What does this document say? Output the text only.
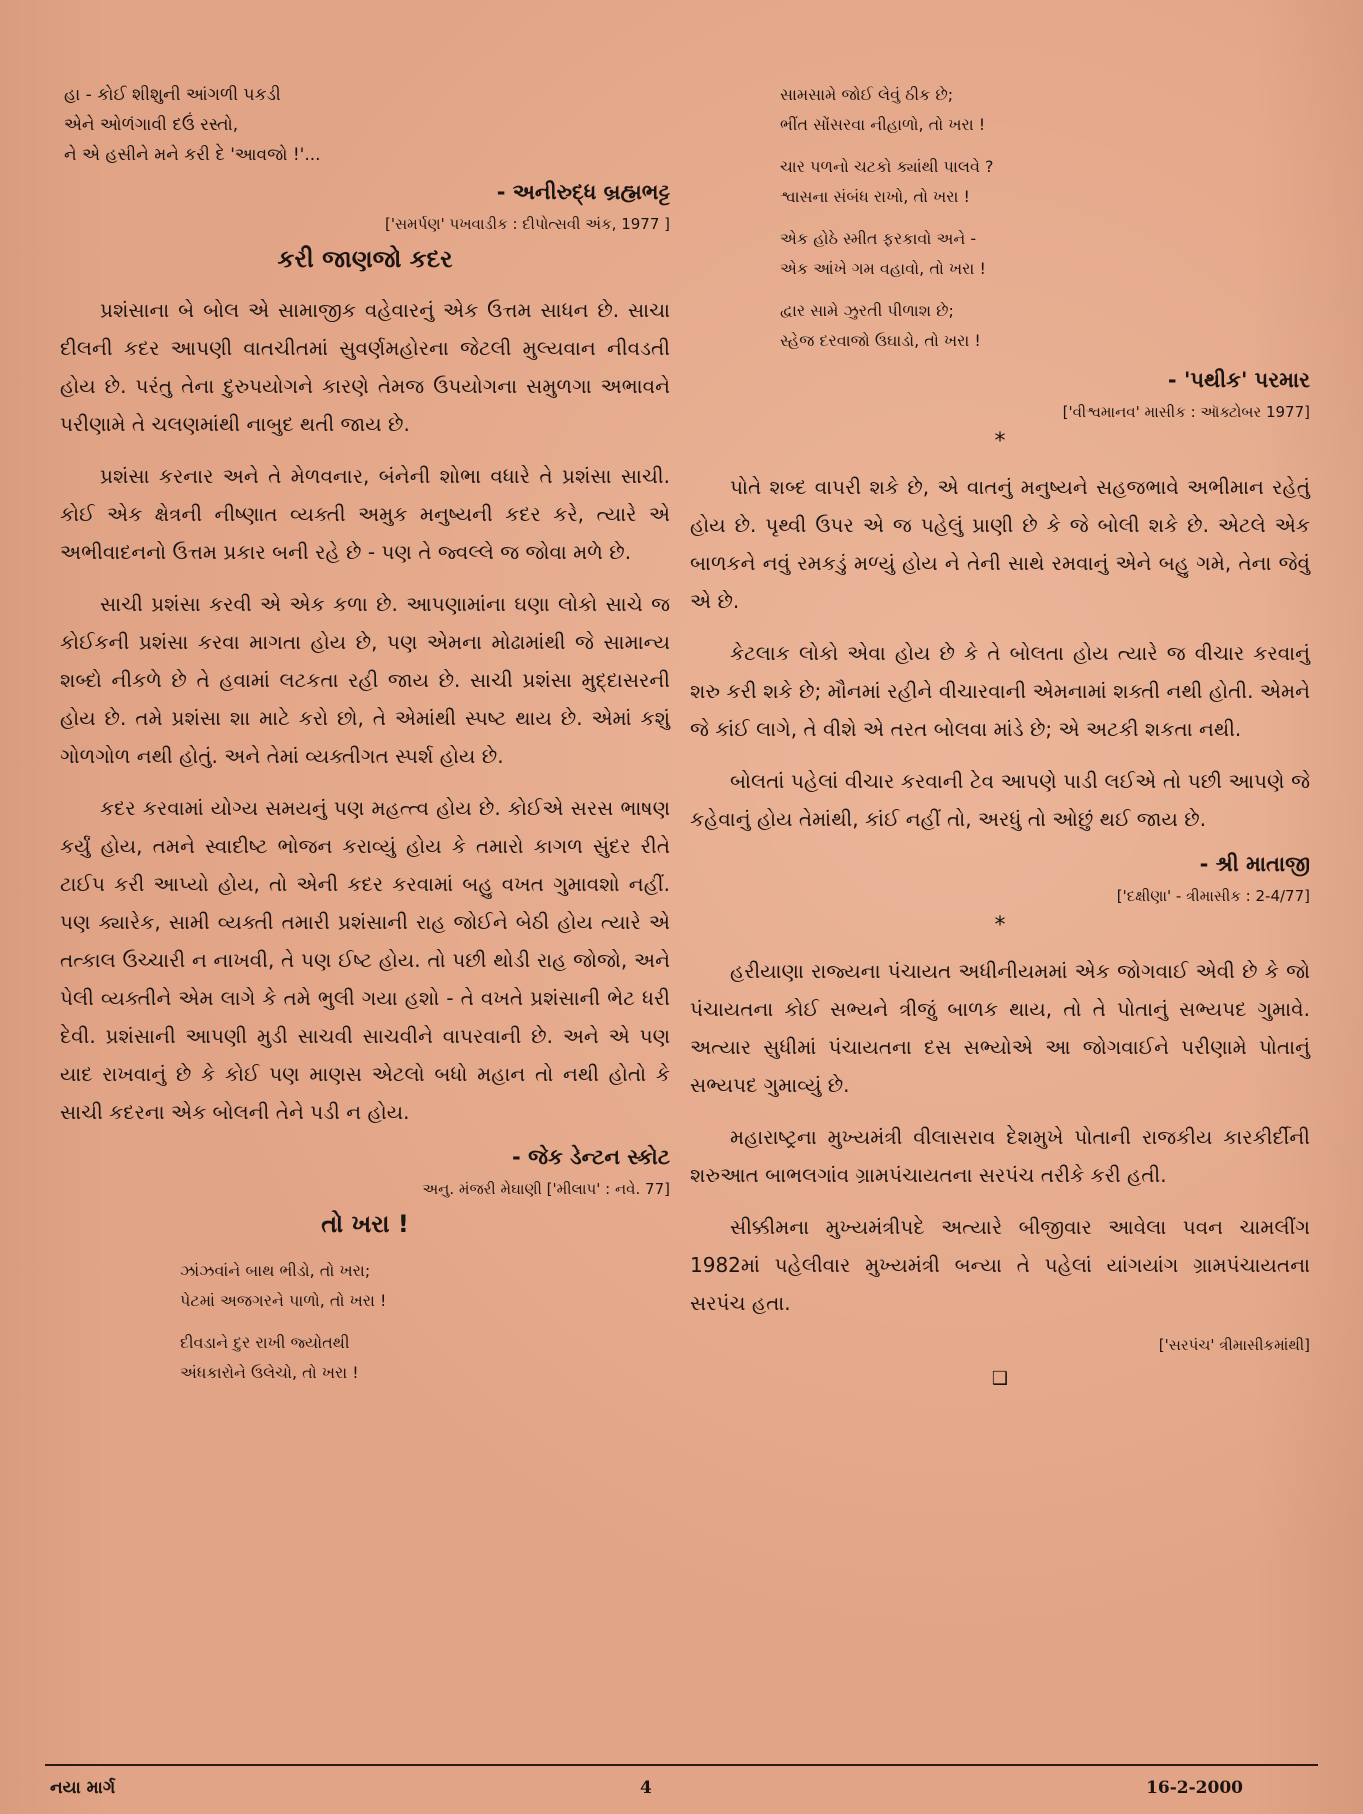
હા - કોઈ શીશુની આંગળી પકડી
એને ઓળંગાવી દઉં રસ્તો,
ને એ હસીને મને કરી દે 'આવજો !'...
- અનીરુદ્ધ બ્રહ્મભટ્ટ
['સમર્પણ' પખવાડીક : દીપોત્સવી અંક, 1977 ]
કરી જાણજો કદર
પ્રશંસાના બે બોલ એ સામાજીક વહેવારનું એક ઉત્તમ સાધન છે. સાચા દીલની કદર આપણી વાતચીતમાં સુવર્ણમહોરના જેટલી મુલ્યવાન નીવડતી હોય છે. પરંતુ તેના દુરુપયોગને કારણે તેમજ ઉપયોગના સમુળગા અભાવને પરીણામે તે ચલણમાંથી નાબુદ થતી જાય છે.
પ્રશંસા કરનાર અને તે મેળવનાર, બંનેની શોભા વધારે તે પ્રશંસા સાચી. કોઈ એક ક્ષેત્રની નીષ્ણાત વ્યક્તી અમુક મનુષ્યની કદર કરે, ત્યારે એ અભીવાદનનો ઉત્તમ પ્રકાર બની રહે છે - પણ તે જ્વલ્લે જ જોવા મળે છે.
સાચી પ્રશંસા કરવી એ એક કળા છે. આપણામાંના ઘણા લોકો સાચે જ કોઈકની પ્રશંસા કરવા માગતા હોય છે, પણ એમના મોઢામાંથી જે સામાન્ય શબ્દો નીકળે છે તે હવામાં લટકતા રહી જાય છે. સાચી પ્રશંસા મુદ્દાસરની હોય છે. તમે પ્રશંસા શા માટે કરો છો, તે એમાંથી સ્પષ્ટ થાય છે. એમાં કશું ગોળગોળ નથી હોતું. અને તેમાં વ્યક્તીગત સ્પર્શ હોય છે.
કદર કરવામાં યોગ્ય સમયનું પણ મહત્ત્વ હોય છે. કોઈએ સરસ ભાષણ કર્યું હોય, તમને સ્વાદીષ્ટ ભોજન કરાવ્યું હોય કે તમારો કાગળ સુંદર રીતે ટાઈપ કરી આપ્યો હોય, તો એની કદર કરવામાં બહુ વખત ગુમાવશો નહીં. પણ ક્યારેક, સામી વ્યક્તી તમારી પ્રશંસાની રાહ જોઈને બેઠી હોય ત્યારે એ તત્કાલ ઉચ્ચારી ન નાખવી, તે પણ ઈષ્ટ હોય. તો પછી થોડી રાહ જોજો, અને પેલી વ્યક્તીને એમ લાગે કે તમે ભુલી ગયા હશો - તે વખતે પ્રશંસાની ભેટ ધરી દેવી. પ્રશંસાની આપણી મુડી સાચવી સાચવીને વાપરવાની છે. અને એ પણ યાદ રાખવાનું છે કે કોઈ પણ માણસ એટલો બધો મહાન તો નથી હોતો કે સાચી કદરના એક બોલની તેને પડી ન હોય.
- જેક ડેન્ટન સ્કોટ
અનુ. મંજરી મેઘાણી ['મીલાપ' : નવે. 77]
તો ખરા !
ઝાંઝવાંને બાથ ભીડો, તો ખરા;
પેટમાં અજગરને પાળો, તો ખરા !
દીવડાને દુર રાખી જ્યોતથી
અંધકારોને ઉલેચો, તો ખરા !
સામસામે જોઈ લેવું ઠીક છે;
ભીંત સોંસરવા નીહાળો, તો ખરા !
ચાર પળનો ચટકો ક્યાંથી પાલવે ?
શ્વાસના સંબંધ રાખો, તો ખરા !
એક હોઠે સ્મીત ફરકાવો અને -
એક આંખે ગમ વહાવો, તો ખરા !
દ્વાર સામે ઝુરતી પીળાશ છે;
સ્હેજ દરવાજો ઉઘાડો, તો ખરા !
- 'પથીક' પરમાર
['વીશ્વમાનવ' માસીક : ઑક્ટોબર 1977]
*
પોતે શબ્દ વાપરી શકે છે, એ વાતનું મનુષ્યને સહજભાવે અભીમાન રહેતું હોય છે. પૃથ્વી ઉપર એ જ પહેલું પ્રાણી છે કે જે બોલી શકે છે. એટલે એક બાળકને નવું રમકડું મળ્યું હોય ને તેની સાથે રમવાનું એને બહુ ગમે, તેના જેવું એ છે.
કેટલાક લોકો એવા હોય છે કે તે બોલતા હોય ત્યારે જ વીચાર કરવાનું શરુ કરી શકે છે; મૌનમાં રહીને વીચારવાની એમનામાં શક્તી નથી હોતી. એમને જે કાંઈ લાગે, તે વીશે એ તરત બોલવા માંડે છે; એ અટકી શકતા નથી.
બોલતાં પહેલાં વીચાર કરવાની ટેવ આપણે પાડી લઈએ તો પછી આપણે જે કહેવાનું હોય તેમાંથી, કાંઈ નહીં તો, અરધું તો ઓછું થઈ જાય છે.
- શ્રી માતાજી
['દક્ષીણા' - ત્રીમાસીક : 2-4/77]
*
હરીયાણા રાજ્યના પંચાયત અધીનીયમમાં એક જોગવાઈ એવી છે કે જો પંચાયતના કોઈ સભ્યને ત્રીજું બાળક થાય, તો તે પોતાનું સભ્યપદ ગુમાવે. અત્યાર સુધીમાં પંચાયતના દસ સભ્યોએ આ જોગવાઈને પરીણામે પોતાનું સભ્યપદ ગુમાવ્યું છે.
મહારાષ્ટ્રના મુખ્યમંત્રી વીલાસરાવ દેશમુખે પોતાની રાજકીય કારકીર્દીની શરુઆત બાભલગાંવ ગ્રામપંચાયતના સરપંચ તરીકે કરી હતી.
સીક્કીમના મુખ્યમંત્રીપદે અત્યારે બીજીવાર આવેલા પવન ચામલીંગ 1982માં પહેલીવાર મુખ્યમંત્રી બન્યા તે પહેલાં યાંગયાંગ ગ્રામપંચાયતના સરપંચ હતા.
['સરપંચ' ત્રીમાસીકમાંથી]
❑
નયા માર્ગ	4	16-2-2000
